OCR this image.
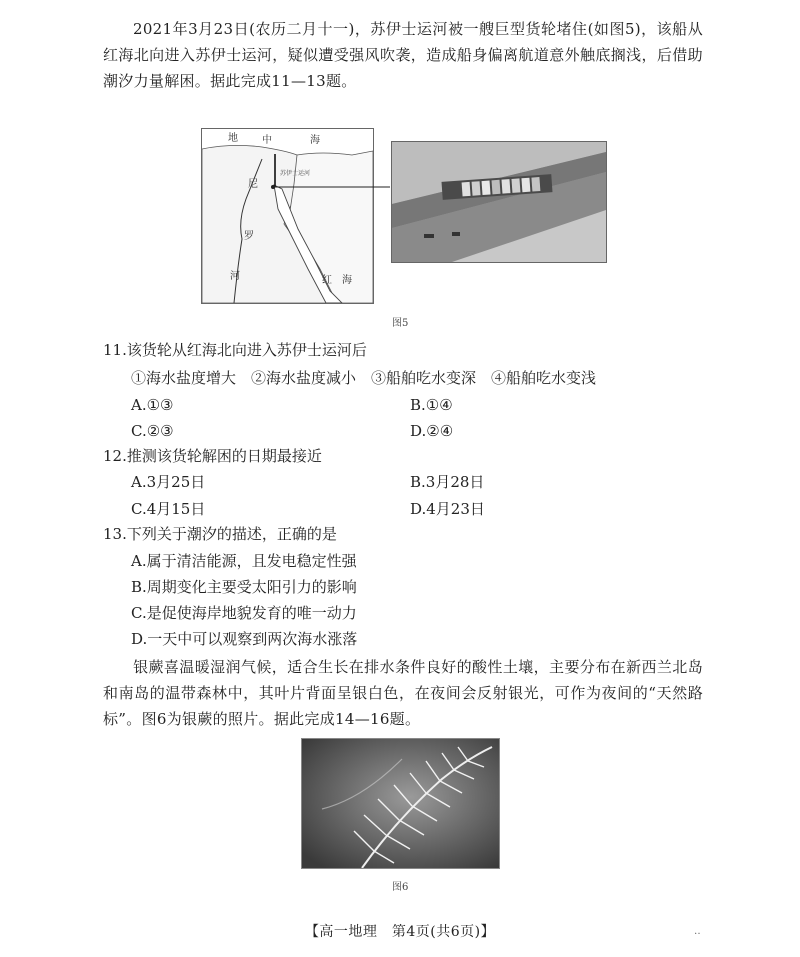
2021年3月23日(农历二月十一)，苏伊士运河被一艘巨型货轮堵住(如图5)，该船从红海北向进入苏伊士运河，疑似遭受强风吹袭，造成船身偏离航道意外触底搁浅，后借助潮汐力量解困。据此完成11—13题。
地 中	海
苏伊士运河
尼
罗
河	红 海
图5
11.该货轮从红海北向进入苏伊士运河后
①海水盐度增大　②海水盐度减小　③船舶吃水变深　④船舶吃水变浅
A.①③	B.①④
C.②③	D.②④
12.推测该货轮解困的日期最接近
A.3月25日	B.3月28日
C.4月15日	D.4月23日
13.下列关于潮汐的描述，正确的是
A.属于清洁能源，且发电稳定性强
B.周期变化主要受太阳引力的影响
C.是促使海岸地貌发育的唯一动力
D.一天中可以观察到两次海水涨落
银蕨喜温暖湿润气候，适合生长在排水条件良好的酸性土壤，主要分布在新西兰北岛和南岛的温带森林中，其叶片背面呈银白色，在夜间会反射银光，可作为夜间的“天然路标”。图6为银蕨的照片。据此完成14—16题。
图6
【高一地理　第4页(共6页)】	‥
